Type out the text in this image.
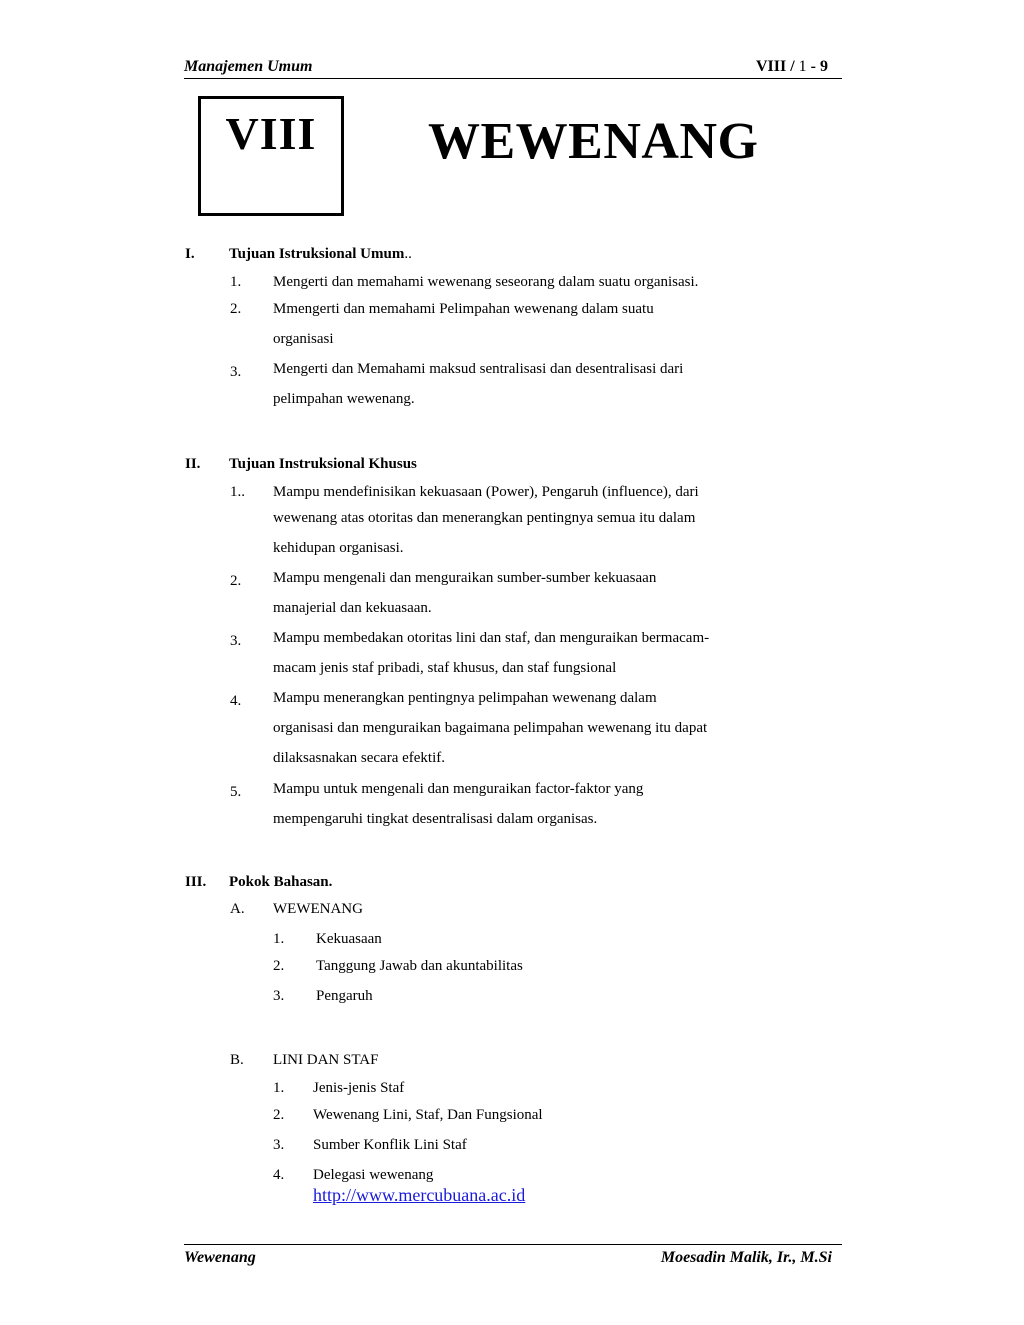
Manajemen Umum	VIII / 1 - 9
VIII	WEWENANG
I. Tujuan Istruksional Umum..
1. Mengerti dan memahami wewenang seseorang dalam suatu organisasi.
2. Mmengerti dan memahami Pelimpahan wewenang dalam suatu
organisasi
3. Mengerti dan Memahami maksud sentralisasi dan desentralisasi dari
pelimpahan wewenang.
II. Tujuan Instruksional Khusus
1.. Mampu mendefinisikan kekuasaan (Power), Pengaruh (influence), dari
wewenang atas otoritas dan menerangkan pentingnya semua itu dalam
kehidupan organisasi.
2. Mampu mengenali dan menguraikan sumber-sumber kekuasaan
manajerial dan kekuasaan.
3. Mampu membedakan otoritas lini dan staf, dan menguraikan bermacam-
macam jenis staf pribadi, staf khusus, dan staf fungsional
4. Mampu menerangkan pentingnya pelimpahan wewenang dalam
organisasi dan menguraikan bagaimana pelimpahan wewenang itu dapat
dilaksasnakan secara efektif.
5. Mampu untuk mengenali dan menguraikan factor-faktor yang
mempengaruhi tingkat desentralisasi dalam organisas.
III. Pokok Bahasan.
A. WEWENANG
1. Kekuasaan
2. Tanggung Jawab dan akuntabilitas
3. Pengaruh
B. LINI DAN STAF
1. Jenis-jenis Staf
2. Wewenang Lini, Staf, Dan Fungsional
3. Sumber Konflik Lini Staf
4. Delegasi wewenang
http://www.mercubuana.ac.id
Wewenang	Moesadin Malik, Ir., M.Si
